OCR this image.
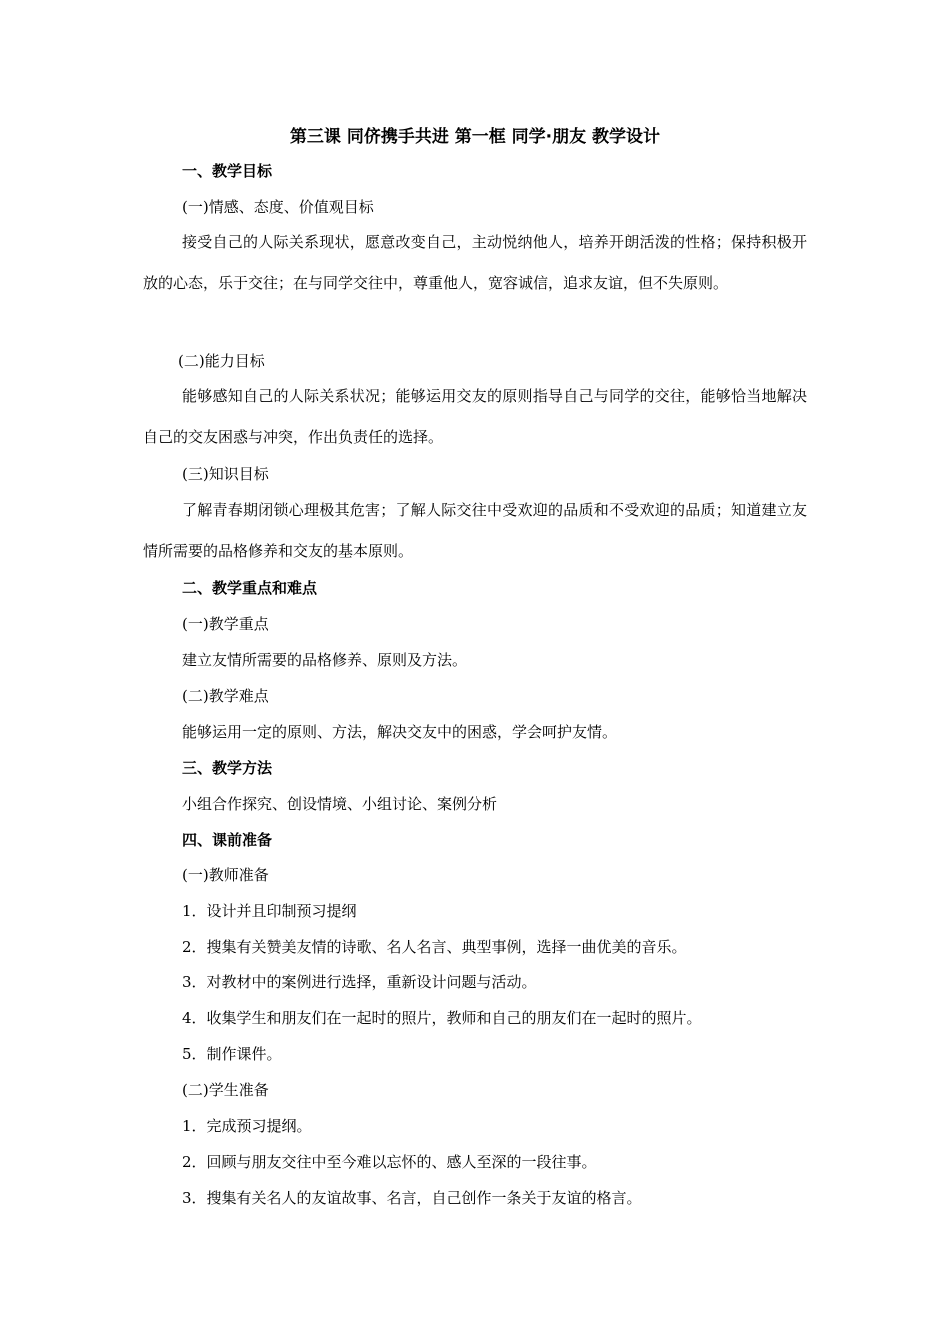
第三课 同侪携手共进 第一框 同学·朋友 教学设计
一、教学目标
(一)情感、态度、价值观目标
接受自己的人际关系现状，愿意改变自己，主动悦纳他人，培养开朗活泼的性格；保持积极开放的心态，乐于交往；在与同学交往中，尊重他人，宽容诚信，追求友谊，但不失原则。
(二)能力目标
能够感知自己的人际关系状况；能够运用交友的原则指导自己与同学的交往，能够恰当地解决自己的交友困惑与冲突，作出负责任的选择。
(三)知识目标
了解青春期闭锁心理极其危害；了解人际交往中受欢迎的品质和不受欢迎的品质；知道建立友情所需要的品格修养和交友的基本原则。
二、教学重点和难点
(一)教学重点
建立友情所需要的品格修养、原则及方法。
(二)教学难点
能够运用一定的原则、方法，解决交友中的困惑，学会呵护友情。
三、教学方法
小组合作探究、创设情境、小组讨论、案例分析
四、课前准备
(一)教师准备
1．设计并且印制预习提纲
2．搜集有关赞美友情的诗歌、名人名言、典型事例，选择一曲优美的音乐。
3．对教材中的案例进行选择，重新设计问题与活动。
4．收集学生和朋友们在一起时的照片，教师和自己的朋友们在一起时的照片。
5．制作课件。
(二)学生准备
1．完成预习提纲。
2．回顾与朋友交往中至今难以忘怀的、感人至深的一段往事。
3．搜集有关名人的友谊故事、名言，自己创作一条关于友谊的格言。
